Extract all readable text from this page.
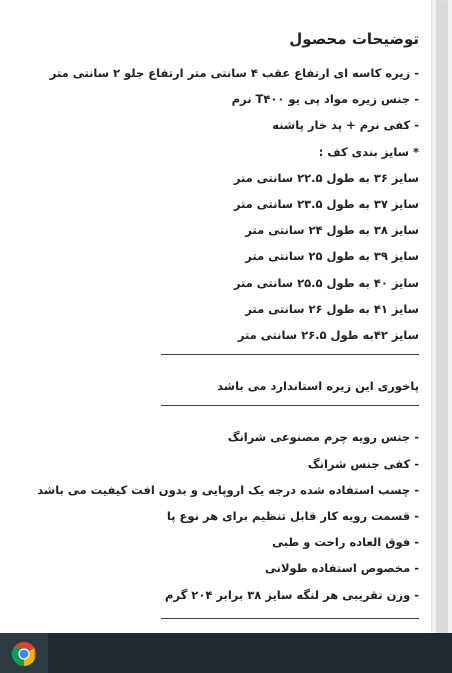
توضیحات محصول
- زیره کاسه ای ارتفاع عقب ۴ سانتی متر ارتفاع جلو ۲ سانتی متر
- جنس زیره مواد پی یو T۴۰۰ نرم
- کفی نرم + پد خار پاشنه
* سایز بندی کف :
سایز ۳۶ به طول ۲۲.۵ سانتی متر
سایز ۳۷ به طول ۲۳.۵ سانتی متر
سایز ۳۸ به طول ۲۴ سانتی متر
سایز ۳۹ به طول ۲۵ سانتی متر
سایز ۴۰ به طول ۲۵.۵ سانتی متر
سایز ۴۱ به طول ۲۶ سانتی متر
سایز ۴۲به طول ۲۶.۵ سانتی متر
پاخوری این زیره استاندارد می باشد
- جنس رویه چرم مصنوعی شرانگ
- کفی جنس شرانگ
- چسب استفاده شده درجه یک اروپایی و بدون افت کیفیت می باشد
- قسمت رویه کار قابل تنظیم برای هر نوع پا
- فوق العاده راحت و طبی
- مخصوص استفاده طولانی
- وزن تقریبی هر لنگه سایز ۳۸ برابر ۲۰۴ گرم
